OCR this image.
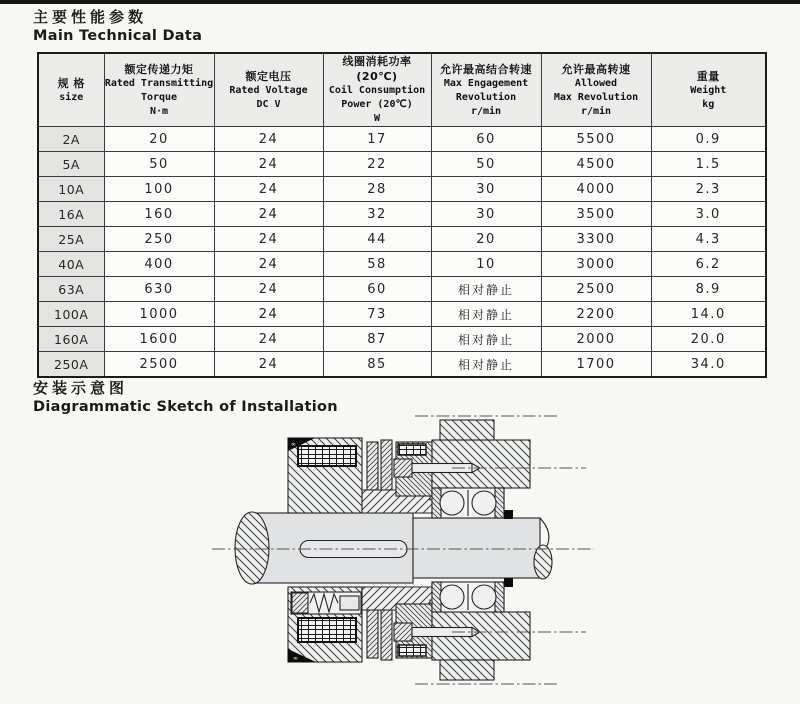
主要性能参数
Main Technical Data
规 格
size

额定传递力矩
Rated Transmitting
Torque
N·m

额定电压
Rated Voltage
DC V

线圈消耗功率(20℃)
Coil Consumption
Power (20℃)
W

允许最高结合转速
Max Engagement
Revolution
r/min

允许最高转速
Allowed
Max Revolution
r/min

重量
Weight
kg

2A	20	24	17	60	5500	0.9
5A	50	24	22	50	4500	1.5
10A	100	24	28	30	4000	2.3
16A	160	24	32	30	3500	3.0
25A	250	24	44	20	3300	4.3
40A	400	24	58	10	3000	6.2
63A	630	24	60	相对静止	2500	8.9
100A	1000	24	73	相对静止	2200	14.0
160A	1600	24	87	相对静止	2000	20.0
250A	2500	24	85	相对静止	1700	34.0
安装示意图
Diagrammatic Sketch of Installation
∞
∞
